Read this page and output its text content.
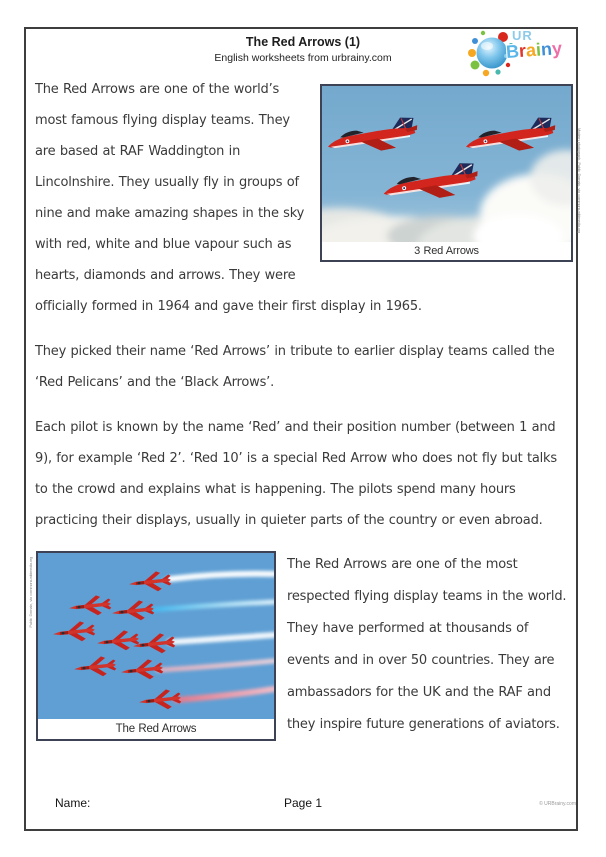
The Red Arrows (1)
English worksheets from urbrainy.com
UR
Brainy
3 Red Arrows
Modern photograph, Public Domain, via commons.wikimedia.org

The Red Arrows are one of the world’s most famous flying display teams. They are based at RAF Waddington in Lincolnshire. They usually fly in groups of nine and make amazing shapes in the sky with red, white and blue vapour such as hearts, diamonds and arrows. They were officially formed in 1964 and gave their first display in 1965.

They picked their name ‘Red Arrows’ in tribute to earlier display teams called the ‘Red Pelicans’ and the ‘Black Arrows’.

Each pilot is known by the name ‘Red’ and their position number (between 1 and 9), for example ‘Red 2’. ‘Red 10’ is a special Red Arrow who does not fly but talks to the crowd and explains what is happening. The pilots spend many hours practicing their displays, usually in quieter parts of the country or even abroad.

The Red Arrows
Public Domain, via commons.wikimedia.org	The Red Arrows are one of the most respected flying display teams in the world. They have performed at thousands of events and in over 50 countries. They are ambassadors for the UK and the RAF and they inspire future generations of aviators.

Name:	Page 1	© URBrainy.com
